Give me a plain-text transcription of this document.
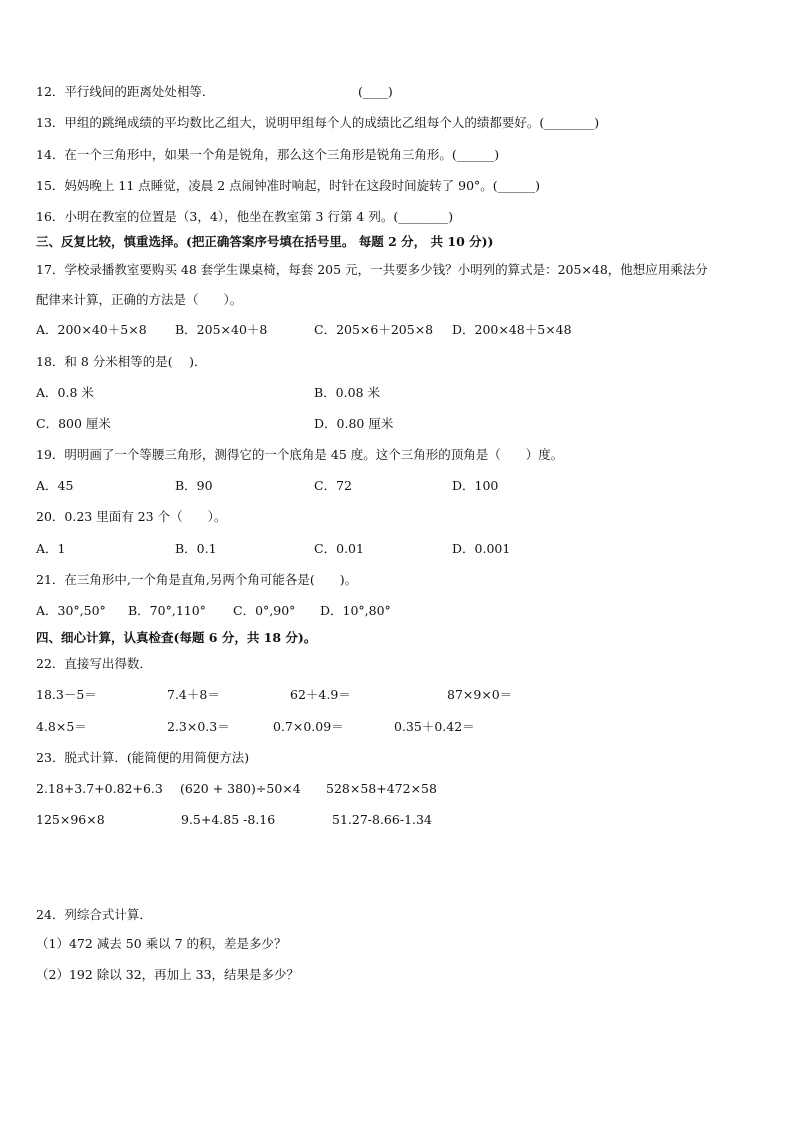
12．平行线间的距离处处相等．	(____)
13．甲组的跳绳成绩的平均数比乙组大，说明甲组每个人的成绩比乙组每个人的绩都要好。(________)
14．在一个三角形中，如果一个角是锐角，那么这个三角形是锐角三角形。(______)
15．妈妈晚上 11 点睡觉，凌晨 2 点闹钟准时响起，时针在这段时间旋转了 90°。(______)
16．小明在教室的位置是（3，4），他坐在教室第 3 行第 4 列。(________)
三、反复比较，慎重选择。(把正确答案序号填在括号里。 每题 2 分， 共 10 分))
17．学校录播教室要购买 48 套学生课桌椅，每套 205 元，一共要多少钱？小明列的算式是：205×48，他想应用乘法分
配律来计算，正确的方法是（　　）。
A．200×40＋5×8 B．205×40＋8	C．205×6＋205×8 D．200×48＋5×48
18．和 8 分米相等的是(　 )．
A．0.8 米	B．0.08 米
C．800 厘米	D．0.80 厘米
19．明明画了一个等腰三角形，测得它的一个底角是 45 度。这个三角形的顶角是（　　）度。
A．45	B．90	C．72	D．100
20．0.23 里面有 23 个（　　）。
A．1	B．0.1	C．0.01	D．0.001
21．在三角形中,一个角是直角,另两个角可能各是(　　)。
A．30°,50° B．70°,110° C．0°,90° D．10°,80°
四、细心计算，认真检查(每题 6 分，共 18 分)。
22．直接写出得数．
18.3－5＝	7.4＋8＝	62＋4.9＝	87×9×0＝
4.8×5＝	2.3×0.3＝	0.7×0.09＝	0.35＋0.42＝
23．脱式计算．(能简便的用简便方法)
2.18+3.7+0.82+6.3 (620 + 380)÷50×4 528×58+472×58
125×96×8	9.5+4.85 -8.16	51.27-8.66-1.34
24．列综合式计算．
（1）472 减去 50 乘以 7 的积，差是多少？
（2）192 除以 32，再加上 33，结果是多少？
